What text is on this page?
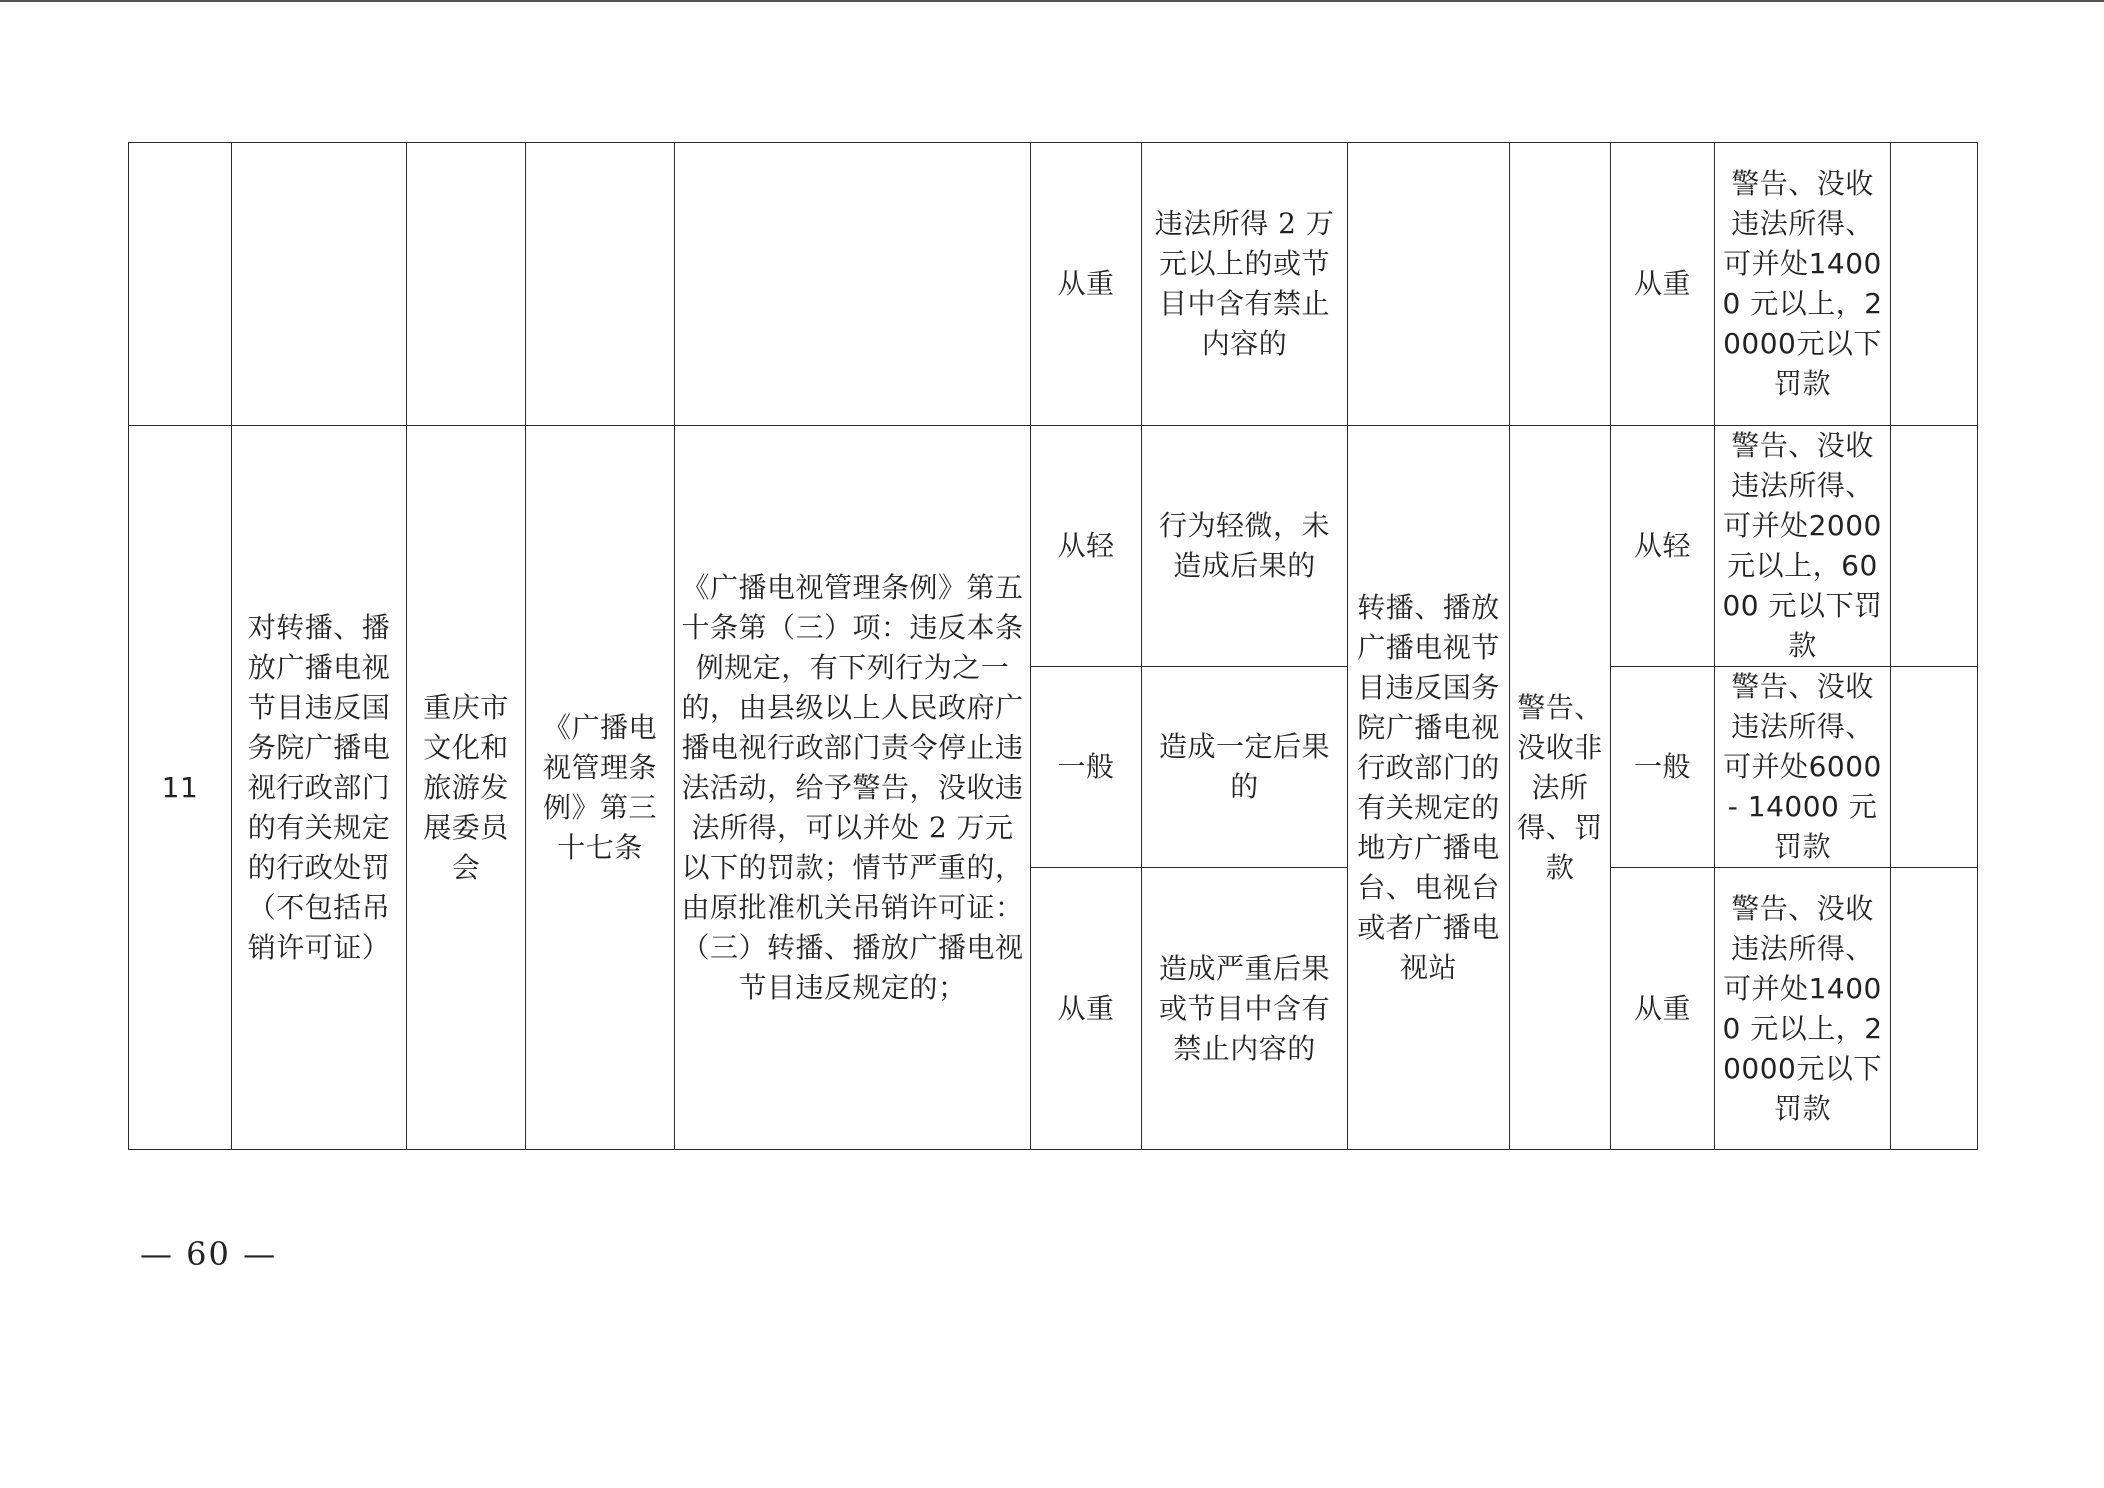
					从重	违法所得 2 万元以上的或节目中含有禁止内容的			从重	警告、没收违法所得、可并处14000 元以上，20000元以下罚款	
11	对转播、播放广播电视节目违反国务院广播电视行政部门的有关规定的行政处罚（不包括吊销许可证）	重庆市文化和旅游发展委员会	《广播电视管理条例》第三十七条	《广播电视管理条例》第五十条第（三）项：违反本条例规定，有下列行为之一的，由县级以上人民政府广播电视行政部门责令停止违法活动，给予警告，没收违法所得，可以并处 2 万元以下的罚款；情节严重的，由原批准机关吊销许可证：（三）转播、播放广播电视节目违反规定的；	从轻	行为轻微，未造成后果的	转播、播放广播电视节目违反国务院广播电视行政部门的有关规定的地方广播电台、电视台或者广播电视站	警告、没收非法所得、罚款	从轻	警告、没收违法所得、可并处2000 元以上，6000 元以下罚款	
					一般	造成一定后果的			一般	警告、没收违法所得、可并处6000- 14000 元罚款	
					从重	造成严重后果或节目中含有禁止内容的			从重	警告、没收违法所得、可并处14000 元以上，20000元以下罚款	
— 60 —
